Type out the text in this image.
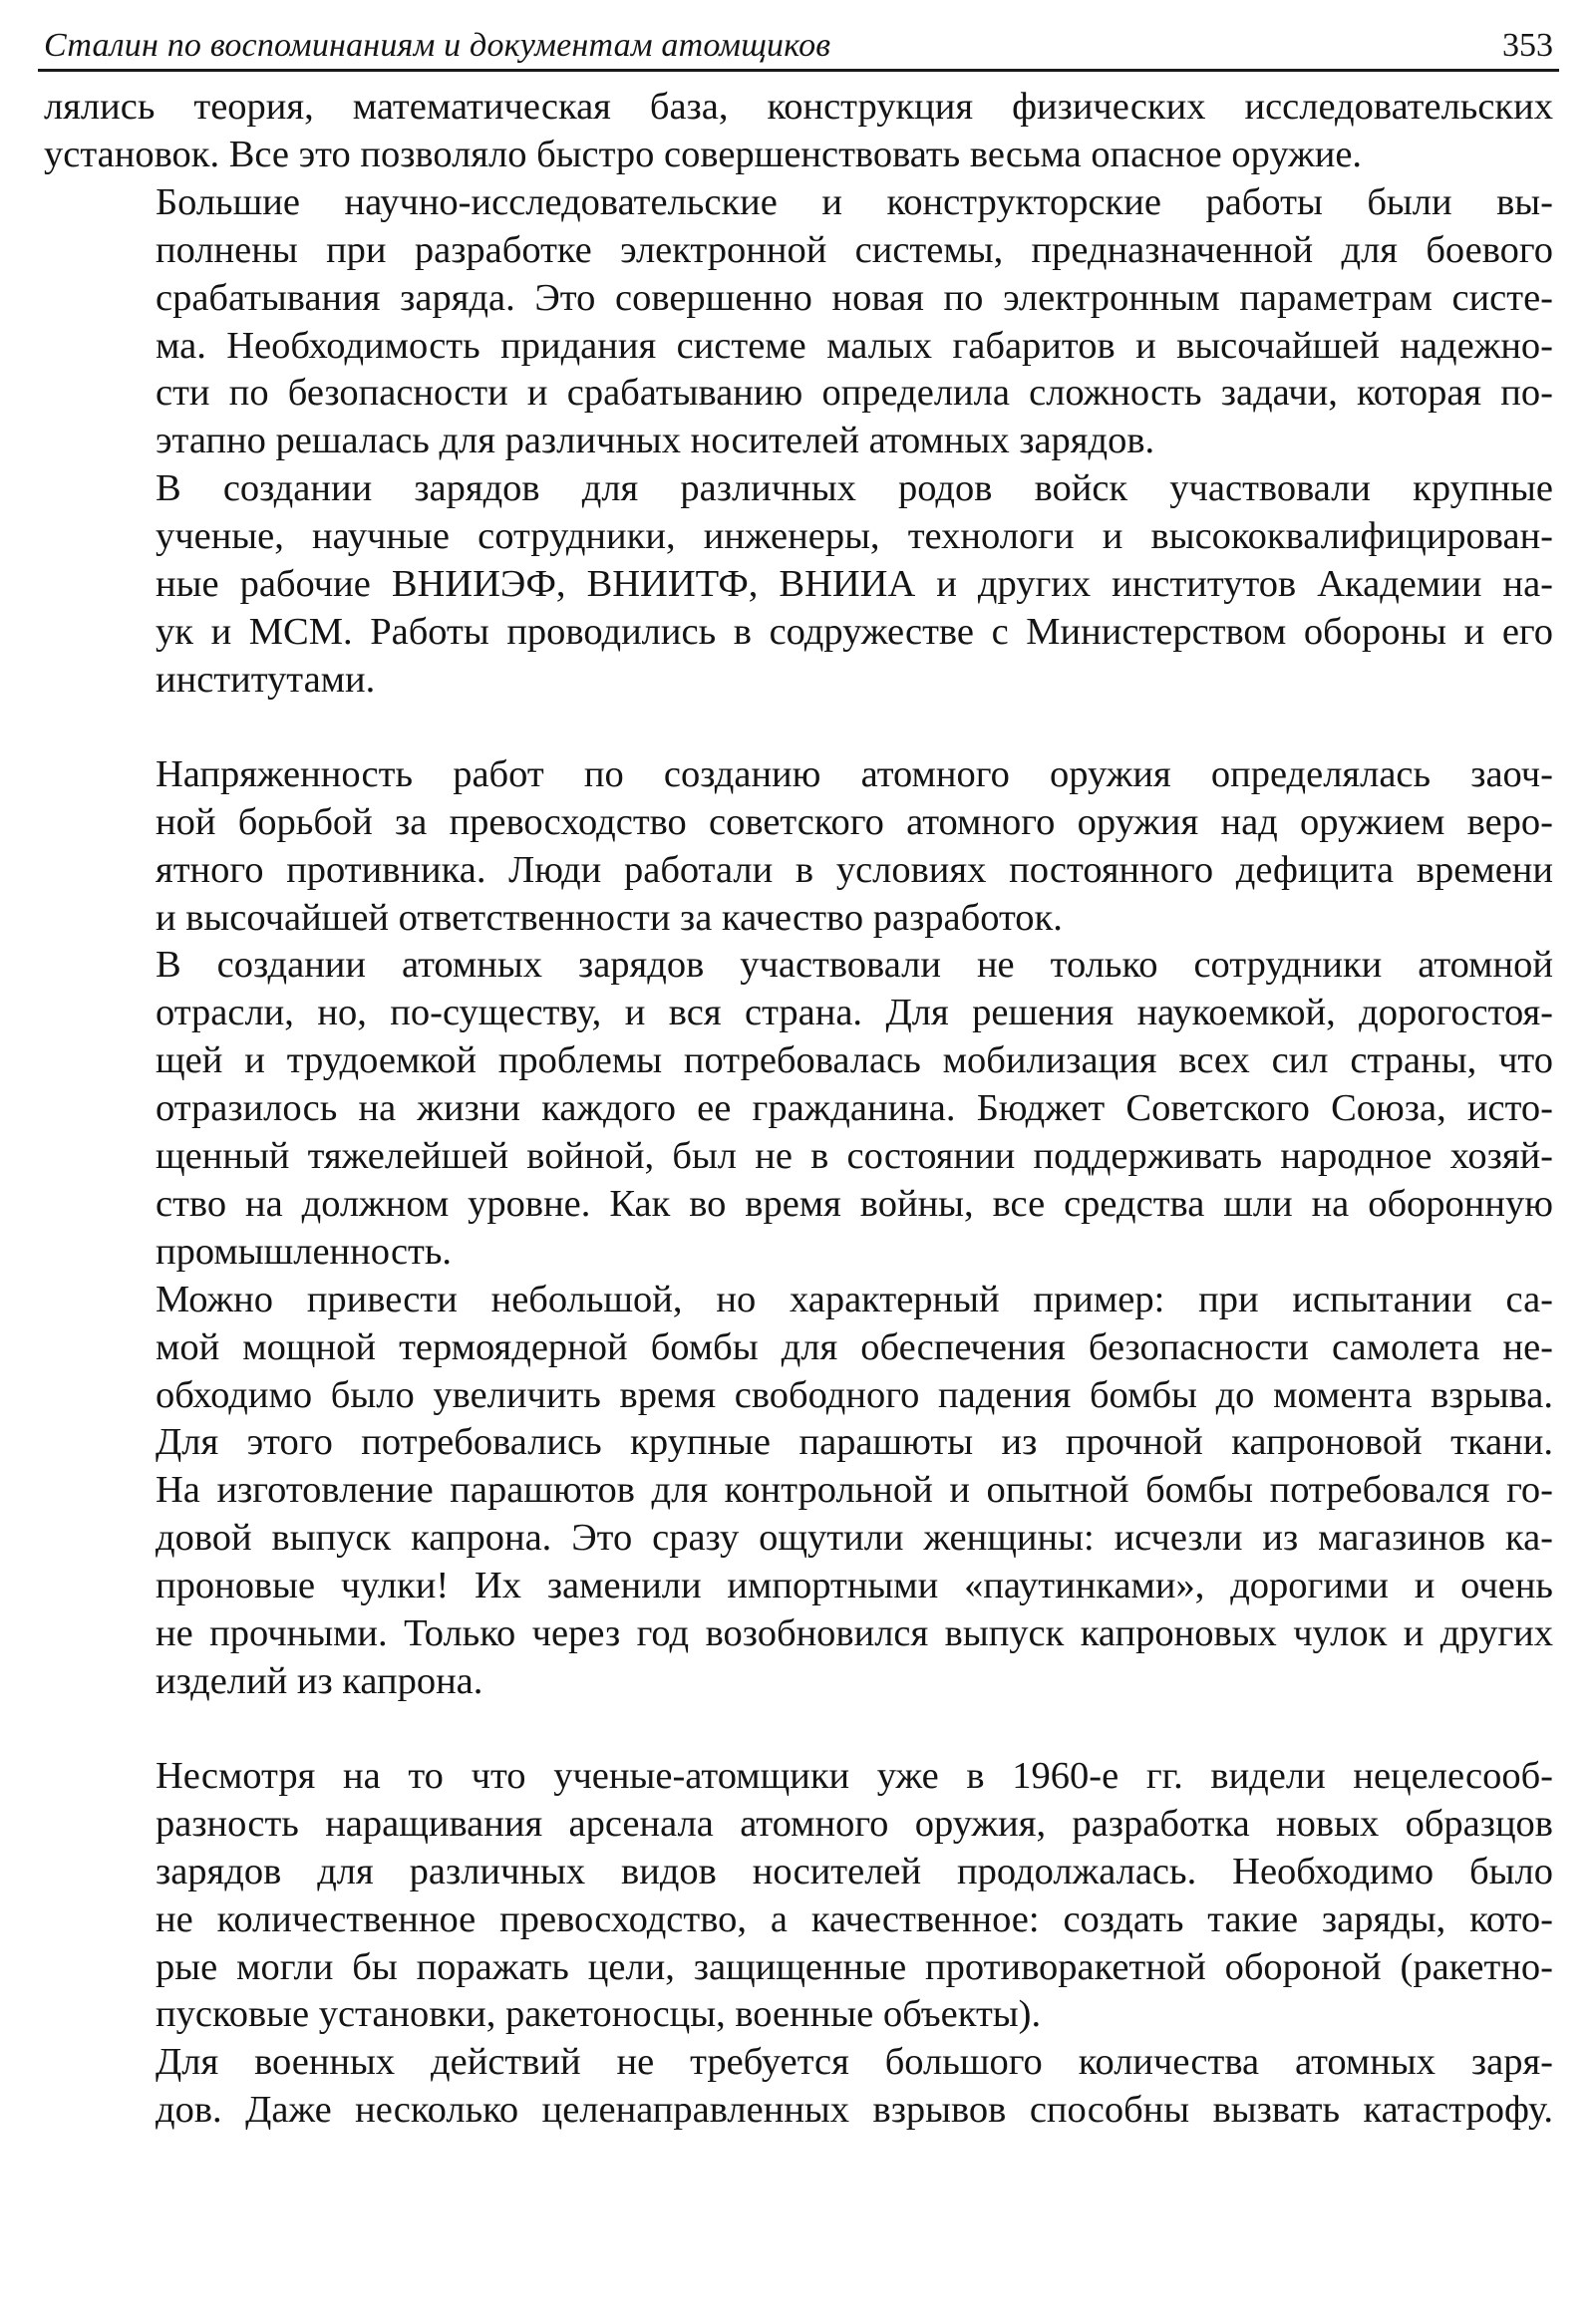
Сталин по воспоминаниям и документам атомщиков	353

лялись теория, математическая база, конструкция физических исследовательских
установок. Все это позволяло быстро совершенствовать весьма опасное оружие.

Большие научно-исследовательские и конструкторские работы были вы-
полнены при разработке электронной системы, предназначенной для боевого
срабатывания заряда. Это совершенно новая по электронным параметрам систе-
ма. Необходимость придания системе малых габаритов и высочайшей надежно-
сти по безопасности и срабатыванию определила сложность задачи, которая по-
этапно решалась для различных носителей атомных зарядов.

В создании зарядов для различных родов войск участвовали крупные
ученые, научные сотрудники, инженеры, технологи и высококвалифицирован-
ные рабочие ВНИИЭФ, ВНИИТФ, ВНИИА и других институтов Академии на-
ук и МСМ. Работы проводились в содружестве с Министерством обороны и его
институтами.

Напряженность работ по созданию атомного оружия определялась заоч-
ной борьбой за превосходство советского атомного оружия над оружием веро-
ятного противника. Люди работали в условиях постоянного дефицита времени
и высочайшей ответственности за качество разработок.

В создании атомных зарядов участвовали не только сотрудники атомной
отрасли, но, по-существу, и вся страна. Для решения наукоемкой, дорогостоя-
щей и трудоемкой проблемы потребовалась мобилизация всех сил страны, что
отразилось на жизни каждого ее гражданина. Бюджет Советского Союза, исто-
щенный тяжелейшей войной, был не в состоянии поддерживать народное хозяй-
ство на должном уровне. Как во время войны, все средства шли на оборонную
промышленность.

Можно привести небольшой, но характерный пример: при испытании са-
мой мощной термоядерной бомбы для обеспечения безопасности самолета не-
обходимо было увеличить время свободного падения бомбы до момента взрыва.
Для этого потребовались крупные парашюты из прочной капроновой ткани.
На изготовление парашютов для контрольной и опытной бомбы потребовался го-
довой выпуск капрона. Это сразу ощутили женщины: исчезли из магазинов ка-
проновые чулки! Их заменили импортными «паутинками», дорогими и очень
не прочными. Только через год возобновился выпуск капроновых чулок и других
изделий из капрона.

Несмотря на то что ученые-атомщики уже в 1960-е гг. видели нецелесооб-
разность наращивания арсенала атомного оружия, разработка новых образцов
зарядов для различных видов носителей продолжалась. Необходимо было
не количественное превосходство, а качественное: создать такие заряды, кото-
рые могли бы поражать цели, защищенные противоракетной обороной (ракетно-
пусковые установки, ракетоносцы, военные объекты).

Для военных действий не требуется большого количества атомных заря-
дов. Даже несколько целенаправленных взрывов способны вызвать катастрофу.
